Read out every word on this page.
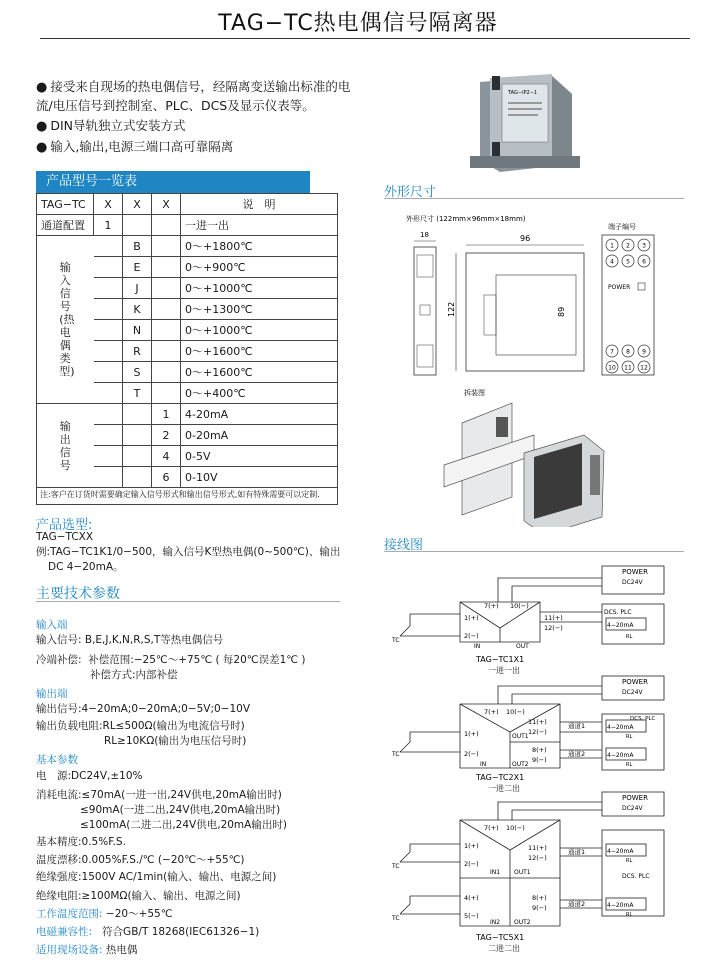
TAG−TC热电偶信号隔离器

● 接受来自现场的热电偶信号，经隔离变送输出标准的电流/电压信号到控制室、PLC、DCS及显示仪表等。

● DIN导轨独立式安装方式

● 输入,输出,电源三端口高可靠隔离

TAG−IP2−1
产品型号一览表
TAG−TC	X	X	X	说　明
通道配置	1			一进一出

输入信号(热电偶类型)		B		0～+1800℃
		E		0～+900℃
		J		0～+1000℃
		K		0～+1300℃
		N		0～+1000℃
		R		0～+1600℃
		S		0～+1600℃
		T		0～+400℃

输出信号			1	4-20mA
			2	0-20mA
			4	0-5V
			6	0-10V
注:客户在订货时需要确定输入信号形式和输出信号形式,如有特殊需要可以定制.
产品选型:
TAG−TCXX
例:TAG−TC1K1/0−500，输入信号K型热电偶(0~500℃)、输出
DC 4−20mA。
主要技术参数
输入端
输入信号: B,E,J,K,N,R,S,T等热电偶信号
冷端补偿:  补偿范围:−25℃～+75℃ ( 每20℃误差1℃ )
补偿方式:内部补偿
输出端
输出信号:4−20mA;0−20mA;0−5V;0−10V
输出负载电阻:RL≤500Ω(输出为电流信号时)
RL≥10KΩ(输出为电压信号时)
基本参数
电　源:DC24V,±10%
消耗电流:≤70mA(一进一出,24V供电,20mA输出时)
≤90mA(一进二出,24V供电,20mA输出时)
≤100mA(二进二出,24V供电,20mA输出时)
基本精度:0.5%F.S.
温度漂移:0.005%F.S./℃ (−20℃～+55℃)
绝缘强度:1500V AC/1min(输入、输出、电源之间)
绝缘电阻:≥100MΩ(输入、输出、电源之间)
工作温度范围: −20～+55℃
电磁兼容性: 符合GB/T 18268(IEC61326−1)
适用现场设备: 热电偶
外形尺寸
外形尺寸 (122mm×96mm×18mm)
18	96
122	89
端子编号
1 2 3
4 5 6
7 8 9
10 11 12
POWER
拆装图
接线图
POWER
DC24V
DCS. PLC
4−20mA
RL
7(+) 10(−)
1(+)
2(−)
11(+)
12(−)
IN	OUT
TC
TAG−TC1X1
一进一出
POWER
DC24V
DCS. PLC
4−20mA
4−20mA
RL
RL
通道1
通道2
7(+) 10(−)
1(+)
2(−)
11(+)
12(−)
8(+)
9(−)
IN
OUT1
OUT2
TC
TAG−TC2X1
一进二出
POWER
DC24V
DCS. PLC
4−20mA
4−20mA
RL
RL
通道1
通道2
7(+) 10(−)
1(+)
2(−)
4(+)
5(−)
11(+)
12(−)
8(+)
9(−)
IN1
IN2
OUT1
OUT2
TC
TC
TAG−TC5X1
二进二出
